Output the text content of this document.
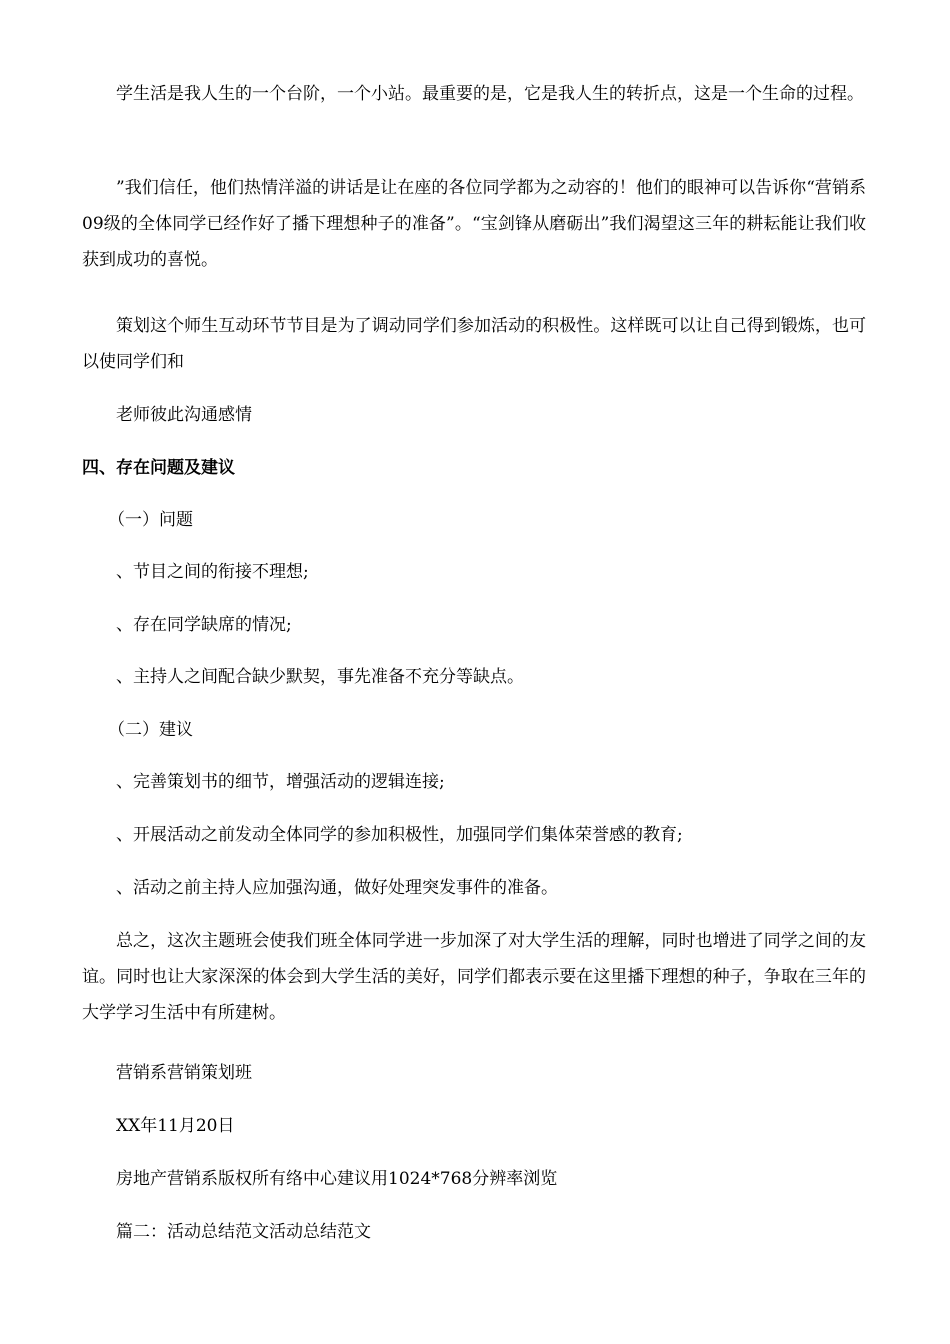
学生活是我人生的一个台阶，一个小站。最重要的是，它是我人生的转折点，这是一个生命的过程。

”我们信任，他们热情洋溢的讲话是让在座的各位同学都为之动容的！他们的眼神可以告诉你“营销系09级的全体同学已经作好了播下理想种子的准备”。“宝剑锋从磨砺出”我们渴望这三年的耕耘能让我们收获到成功的喜悦。

策划这个师生互动环节节目是为了调动同学们参加活动的积极性。这样既可以让自己得到锻炼，也可以使同学们和

老师彼此沟通感情

四、存在问题及建议

（一）问题

、节目之间的衔接不理想;

、存在同学缺席的情况;

、主持人之间配合缺少默契，事先准备不充分等缺点。

（二）建议

、完善策划书的细节，增强活动的逻辑连接;

、开展活动之前发动全体同学的参加积极性，加强同学们集体荣誉感的教育;

、活动之前主持人应加强沟通，做好处理突发事件的准备。

总之，这次主题班会使我们班全体同学进一步加深了对大学生活的理解，同时也增进了同学之间的友谊。同时也让大家深深的体会到大学生活的美好，同学们都表示要在这里播下理想的种子，争取在三年的大学学习生活中有所建树。

营销系营销策划班

XX年11月20日

房地产营销系版权所有络中心建议用1024*768分辨率浏览

篇二：活动总结范文活动总结范文
